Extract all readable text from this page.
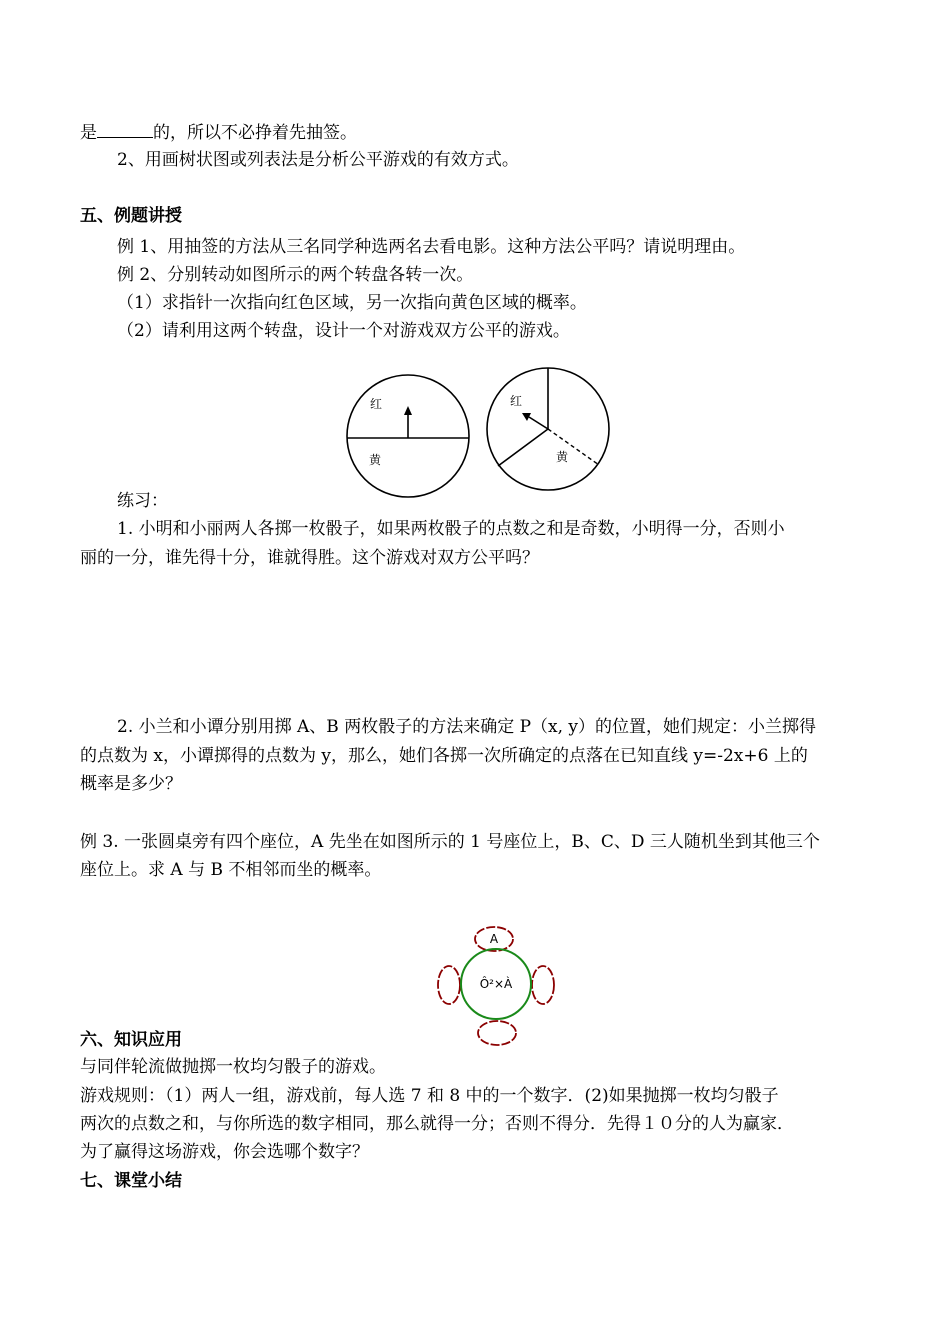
是	的，所以不必挣着先抽签。
2、用画树状图或列表法是分析公平游戏的有效方式。
五、例题讲授
例 1、用抽签的方法从三名同学种选两名去看电影。这种方法公平吗？请说明理由。
例 2、分别转动如图所示的两个转盘各转一次。
（1）求指针一次指向红色区域，另一次指向黄色区域的概率。
（2）请利用这两个转盘，设计一个对游戏双方公平的游戏。
红
黄
红
黄
练习：
1. 小明和小丽两人各掷一枚骰子，如果两枚骰子的点数之和是奇数，小明得一分，否则小
丽的一分，谁先得十分，谁就得胜。这个游戏对双方公平吗？
2. 小兰和小谭分别用掷 A、B 两枚骰子的方法来确定 P（x, y）的位置，她们规定：小兰掷得
的点数为 x，小谭掷得的点数为 y，那么，她们各掷一次所确定的点落在已知直线 y=-2x+6 上的
概率是多少？
例 3. 一张圆桌旁有四个座位，A 先坐在如图所示的 1 号座位上，B、C、D 三人随机坐到其他三个
座位上。求 A 与 B 不相邻而坐的概率。
A
Ô²×À
六、知识应用
与同伴轮流做抛掷一枚均匀骰子的游戏。
游戏规则：（1）两人一组，游戏前，每人选 7 和 8 中的一个数字．(2)如果抛掷一枚均匀骰子
两次的点数之和，与你所选的数字相同，那么就得一分；否则不得分．先得１０分的人为赢家．
为了赢得这场游戏，你会选哪个数字？
七、课堂小结
